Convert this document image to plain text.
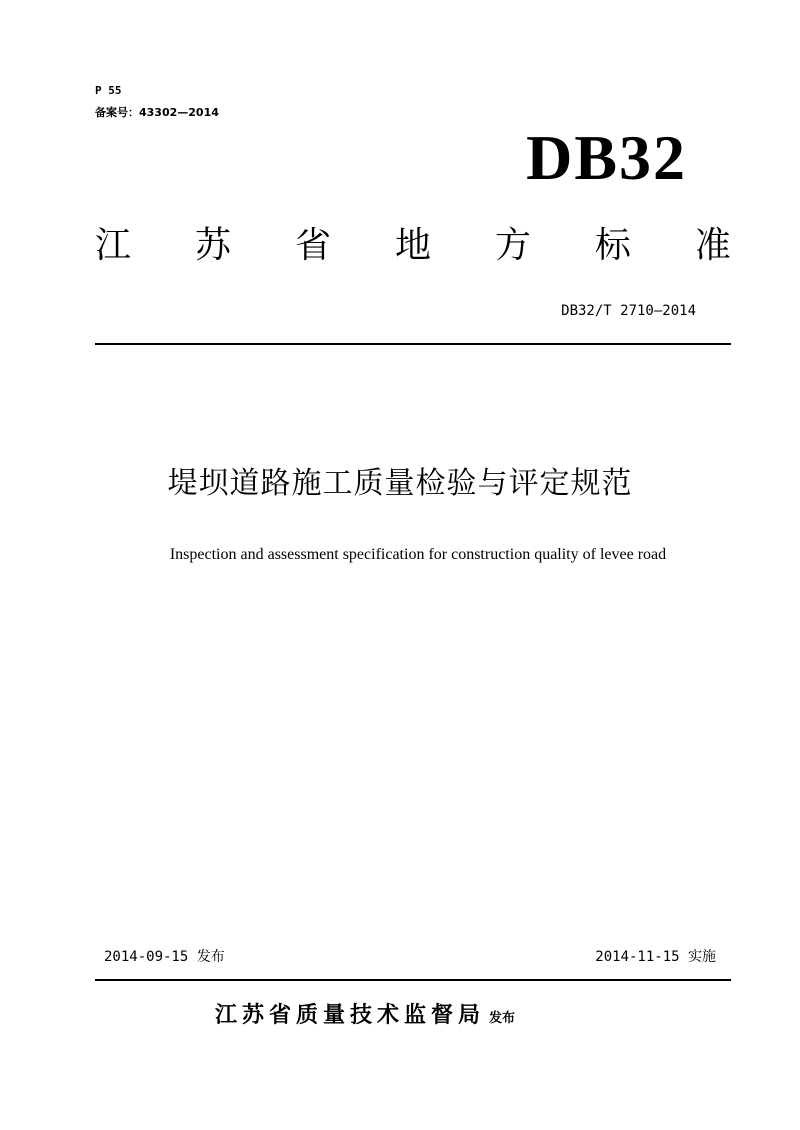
P 55
备案号：43302—2014
DB32
江 苏 省 地 方 标 准
DB32/T 2710—2014
堤坝道路施工质量检验与评定规范
Inspection and assessment specification for construction quality of levee road
2014-09-15 发布	2014-11-15 实施
江苏省质量技术监督局 发布
